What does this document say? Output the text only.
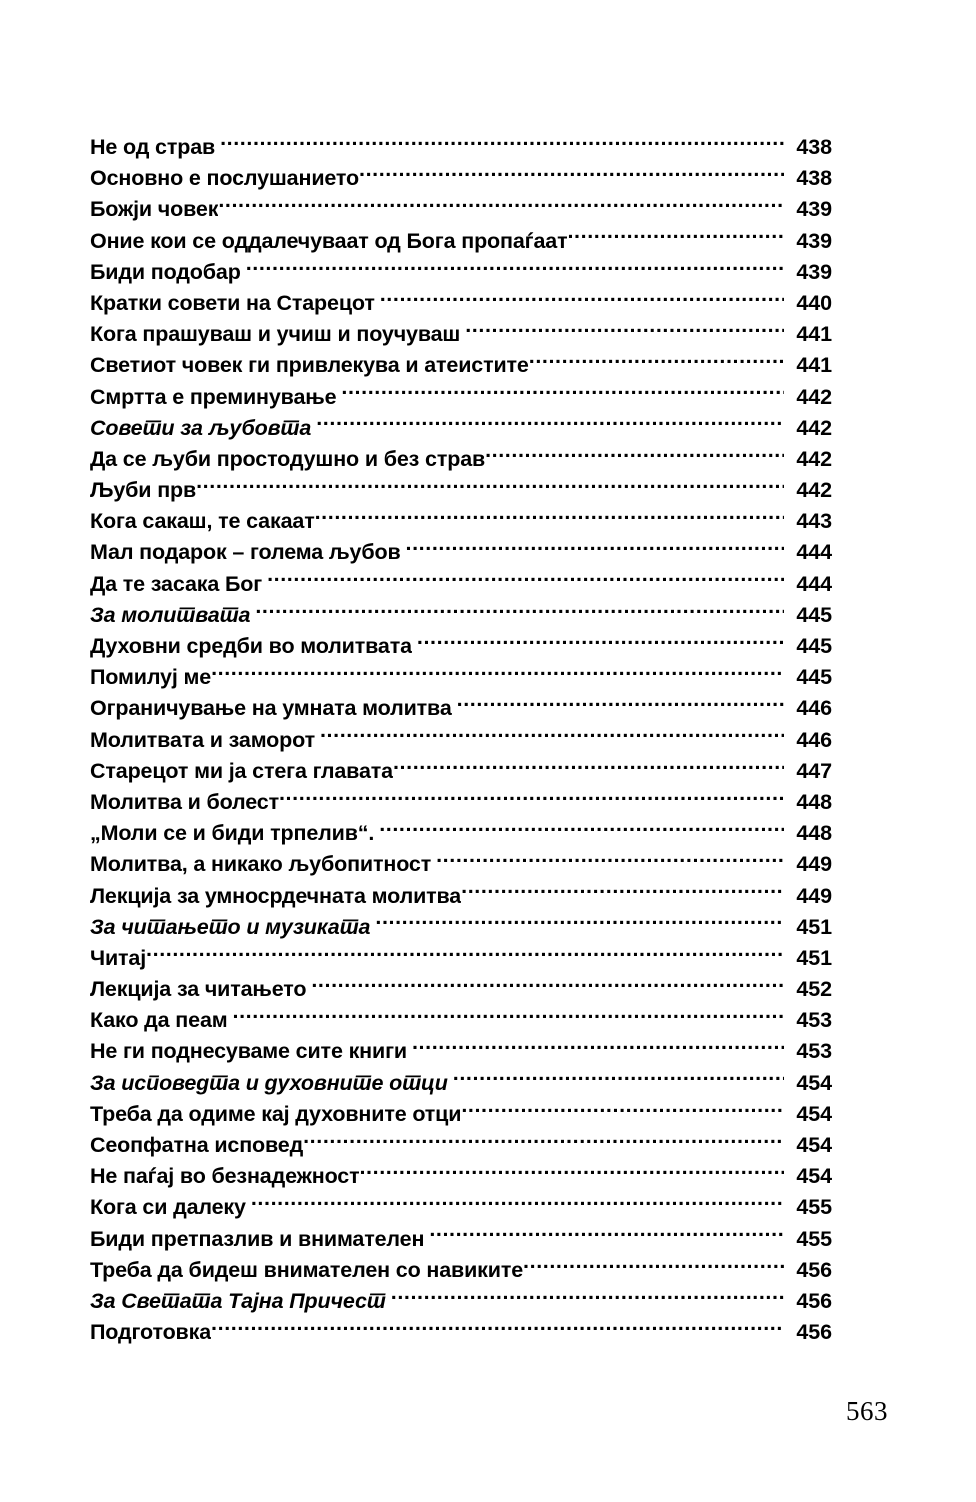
Не од страв .....	438
Основно е послушанието .....	438
Божји човек .....	439
Оние кои се оддалечуваат од Бога пропаѓаат .....	439
Биди подобар .....	439
Кратки совети на Старецот .....	440
Кога прашуваш и учиш и поучуваш .....	441
Светиот човек ги привлекува и атеистите .....	441
Смртта е преминување .....	442
Совети за љубовта .....	442
Да се љуби простодушно и без страв .....	442
Љуби прв .....	442
Кога сакаш, те сакаат .....	443
Мал подарок – голема љубов .....	444
Да те засака Бог .....	444
За молитвата .....	445
Духовни средби во молитвата .....	445
Помилуј ме .....	445
Ограничување на умната молитва .....	446
Молитвата и заморот .....	446
Старецот ми ја стега главата .....	447
Молитва и болест .....	448
„Моли се и биди трпелив“. .....	448
Молитва, а никако љубопитност .....	449
Лекција за умносрдечната молитва .....	449
За читањето и музиката .....	451
Читај .....	451
Лекција за читањето .....	452
Како да пеам .....	453
Не ги поднесуваме сите книги .....	453
За исповедта и духовните отци .....	454
Треба да одиме кај духовните отци .....	454
Сеопфатна исповед .....	454
Не паѓај во безнадежност .....	454
Кога си далеку .....	455
Биди претпазлив и внимателен .....	455
Треба да бидеш внимателен со навиките .....	456
За Светата Тајна Причест .....	456
Подготовка .....	456
563
